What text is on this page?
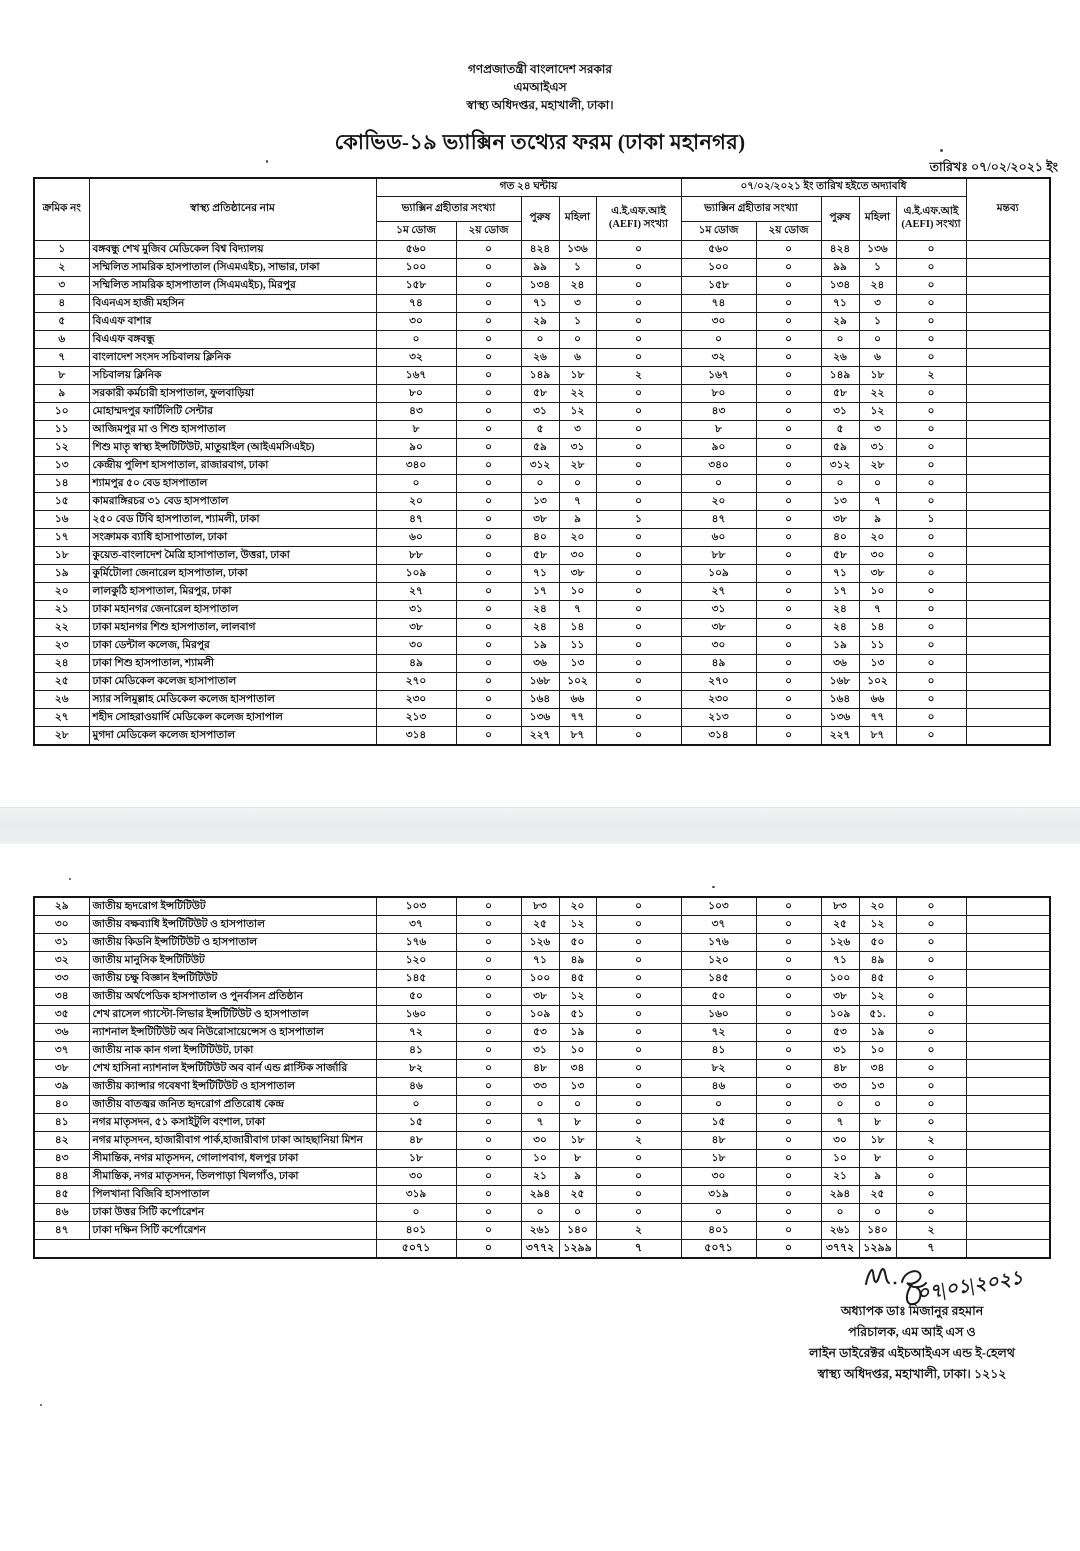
গণপ্রজাতন্ত্রী বাংলাদেশ সরকার
এমআইএস
স্বাস্থ্য অধিদপ্তর, মহাখালী, ঢাকা।
কোভিড-১৯ ভ্যাক্সিন তথ্যের ফরম (ঢাকা মহানগর)
তারিখঃ ০৭/০২/২০২১ ইং
ক্রমিক নং	স্বাস্থ্য প্রতিষ্ঠানের নাম	গত ২৪ ঘন্টায়					০৭/০২/২০২১ ইং তারিখ হইতে অদ্যাবধি					মন্তব্য
		ভ্যাক্সিন গ্রহীতার সংখ্যা		পুরুষ	মহিলা	এ.ই.এফ.আই (AEFI) সংখ্যা	ভ্যাক্সিন গ্রহীতার সংখ্যা		পুরুষ	মহিলা	এ.ই.এফ.আই (AEFI) সংখ্যা	
		১ম ডোজ	২য় ডোজ				১ম ডোজ	২য় ডোজ				
১	বঙ্গবন্ধু শেখ মুজিব মেডিকেল বিশ্ব বিদ্যালয়	৫৬০	০	৪২৪	১৩৬	০	৫৬০	০	৪২৪	১৩৬	০	
২	সম্মিলিত সামরিক হাসপাতাল (সিএমএইচ), সাভার, ঢাকা	১০০	০	৯৯	১	০	১০০	০	৯৯	১	০	
৩	সম্মিলিত সামরিক হাসপাতাল (সিএমএইচ), মিরপুর	১৫৮	০	১৩৪	২৪	০	১৫৮	০	১৩৪	২৪	০	
৪	বিএনএস হাজী মহসিন	৭৪	০	৭১	৩	০	৭৪	০	৭১	৩	০	
৫	বিএএফ বাশার	৩০	০	২৯	১	০	৩০	০	২৯	১	০	
৬	বিএএফ বঙ্গবন্ধু	০	০	০	০	০	০	০	০	০	০	
৭	বাংলাদেশ সংসদ সচিবালয় ক্লিনিক	৩২	০	২৬	৬	০	৩২	০	২৬	৬	০	
৮	সচিবালয় ক্লিনিক	১৬৭	০	১৪৯	১৮	২	১৬৭	০	১৪৯	১৮	২	
৯	সরকারী কর্মচারী হাসপাতাল, ফুলবাড়িয়া	৮০	০	৫৮	২২	০	৮০	০	৫৮	২২	০	
১০	মোহাম্মদপুর ফার্টিলিটি সেন্টার	৪৩	০	৩১	১২	০	৪৩	০	৩১	১২	০	
১১	আজিমপুর মা ও শিশু হাসপাতাল	৮	০	৫	৩	০	৮	০	৫	৩	০	
১২	শিশু মাতৃ স্বাস্থ্য ইন্সটিটিউট, মাতুয়াইল (আইএমসিএইচ)	৯০	০	৫৯	৩১	০	৯০	০	৫৯	৩১	০	
১৩	কেন্দ্রীয় পুলিশ হাসপাতাল, রাজারবাগ, ঢাকা	৩৪০	০	৩১২	২৮	০	৩৪০	০	৩১২	২৮	০	
১৪	শ্যামপুর ৫০ বেড হাসপাতাল	০	০	০	০	০	০	০	০	০	০	
১৫	কামরাঙ্গিরচর ৩১ বেড হাসপাতাল	২০	০	১৩	৭	০	২০	০	১৩	৭	০	
১৬	২৫০ বেড টিবি হাসপাতাল, শ্যামলী, ঢাকা	৪৭	০	৩৮	৯	১	৪৭	০	৩৮	৯	১	
১৭	সংক্রামক ব্যাধি হাসাপাতাল, ঢাকা	৬০	০	৪০	২০	০	৬০	০	৪০	২০	০	
১৮	কুয়েত-বাংলাদেশ মৈত্রি হাসাপাতাল, উত্তরা, ঢাকা	৮৮	০	৫৮	৩০	০	৮৮	০	৫৮	৩০	০	
১৯	কুর্মিটোলা জেনারেল হাসপাতাল, ঢাকা	১০৯	০	৭১	৩৮	০	১০৯	০	৭১	৩৮	০	
২০	লালকুঠি হাসপাতাল, মিরপুর, ঢাকা	২৭	০	১৭	১০	০	২৭	০	১৭	১০	০	
২১	ঢাকা মহানগর জেনারেল হাসপাতাল	৩১	০	২৪	৭	০	৩১	০	২৪	৭	০	
২২	ঢাকা মহানগর শিশু হাসপাতাল, লালবাগ	৩৮	০	২৪	১৪	০	৩৮	০	২৪	১৪	০	
২৩	ঢাকা ডেন্টাল কলেজ, মিরপুর	৩০	০	১৯	১১	০	৩০	০	১৯	১১	০	
২৪	ঢাকা শিশু হাসপাতাল, শ্যামলী	৪৯	০	৩৬	১৩	০	৪৯	০	৩৬	১৩	০	
২৫	ঢাকা মেডিকেল কলেজ হাসাপাতাল	২৭০	০	১৬৮	১০২	০	২৭০	০	১৬৮	১০২	০	
২৬	স্যার সলিমুল্লাহ মেডিকেল কলেজ হাসপাতাল	২৩০	০	১৬৪	৬৬	০	২৩০	০	১৬৪	৬৬	০	
২৭	শহীদ সোহরাওয়ার্দি মেডিকেল কলেজ হাসাপাল	২১৩	০	১৩৬	৭৭	০	২১৩	০	১৩৬	৭৭	০	
২৮	মুগদা মেডিকেল কলেজ হাসপাতাল	৩১৪	০	২২৭	৮৭	০	৩১৪	০	২২৭	৮৭	০	
২৯	জাতীয় হৃদরোগ ইন্সটিটিউট	১০৩	০	৮৩	২০	০	১০৩	০	৮৩	২০	০	
৩০	জাতীয় বক্ষব্যাধি ইন্সটিটিউট ও হাসপাতাল	৩৭	০	২৫	১২	০	৩৭	০	২৫	১২	০	
৩১	জাতীয় কিডনি ইন্সটিটিউট ও হাসপাতাল	১৭৬	০	১২৬	৫০	০	১৭৬	০	১২৬	৫০	০	
৩২	জাতীয় মানুসিক ইন্সটিটিউট	১২০	০	৭১	৪৯	০	১২০	০	৭১	৪৯	০	
৩৩	জাতীয় চক্ষু বিজ্ঞান ইন্সটিটিউট	১৪৫	০	১০০	৪৫	০	১৪৫	০	১০০	৪৫	০	
৩৪	জাতীয় অর্থপেডিক হাসপাতাল ও পুনর্বাসন প্রতিষ্ঠান	৫০	০	৩৮	১২	০	৫০	০	৩৮	১২	০	
৩৫	শেখ রাসেল গ্যাস্টো-লিভার ইন্সটিটিউট ও হাসপাতাল	১৬০	০	১০৯	৫১	০	১৬০	০	১০৯	৫১.	০	
৩৬	ন্যাশনাল ইন্সটিটিউট অব নিউরোসায়েন্সেস ও হাসপাতাল	৭২	০	৫৩	১৯	০	৭২	০	৫৩	১৯	০	
৩৭	জাতীয় নাক কান গলা ইন্সটিটিউট, ঢাকা	৪১	০	৩১	১০	০	৪১	০	৩১	১০	০	
৩৮	শেখ হাসিনা ন্যাশনাল ইন্সটিটিউট অব বার্ন এন্ড প্লাস্টিক সার্জারি	৮২	০	৪৮	৩৪	০	৮২	০	৪৮	৩৪	০	
৩৯	জাতীয় ক্যান্সার গবেষণা ইন্সটিটিউট ও হাসপাতাল	৪৬	০	৩৩	১৩	০	৪৬	০	৩৩	১৩	০	
৪০	জাতীয় বাতজ্বর জনিত হৃদরোগ প্রতিরোধ কেন্দ্র	০	০	০	০	০	০	০	০	০	০	
৪১	নগর মাতৃসদন, ৫১ কসাইটুলি বংশাল, ঢাকা	১৫	০	৭	৮	০	১৫	০	৭	৮	০	
৪২	নগর মাতৃসদন, হাজারীবাগ পার্ক,হাজারীবাগ ঢাকা আহছানিয়া মিশন	৪৮	০	৩০	১৮	২	৪৮	০	৩০	১৮	২	
৪৩	সীমান্তিক, নগর মাতৃসদন, গোলাপবাগ, ধলপুর ঢাকা	১৮	০	১০	৮	০	১৮	০	১০	৮	০	
৪৪	সীমান্তিক, নগর মাতৃসদন, তিলপাড়া খিলগাঁও, ঢাকা	৩০	০	২১	৯	০	৩০	০	২১	৯	০	
৪৫	পিলখানা বিজিবি হাসপাতাল	৩১৯	০	২৯৪	২৫	০	৩১৯	০	২৯৪	২৫	০	
৪৬	ঢাকা উত্তর সিটি কর্পোরেশন	০	০	০	০	০	০	০	০	০	০	
৪৭	ঢাকা দক্ষিন সিটি কর্পোরেশন	৪০১	০	২৬১	১৪০	২	৪০১	০	২৬১	১৪০	২	
		৫০৭১	০	৩৭৭২	১২৯৯	৭	৫০৭১	০	৩৭৭২	১২৯৯	৭	
০৭|০১|২০২১
অধ্যাপক ডাঃ মিজানুর রহমান
পরিচালক, এম আই এস ও
লাইন ডাইরেক্টর এইচআইএস এন্ড ই-হেলথ
স্বাস্থ্য অধিদপ্তর, মহাখালী, ঢাকা। ১২১২
